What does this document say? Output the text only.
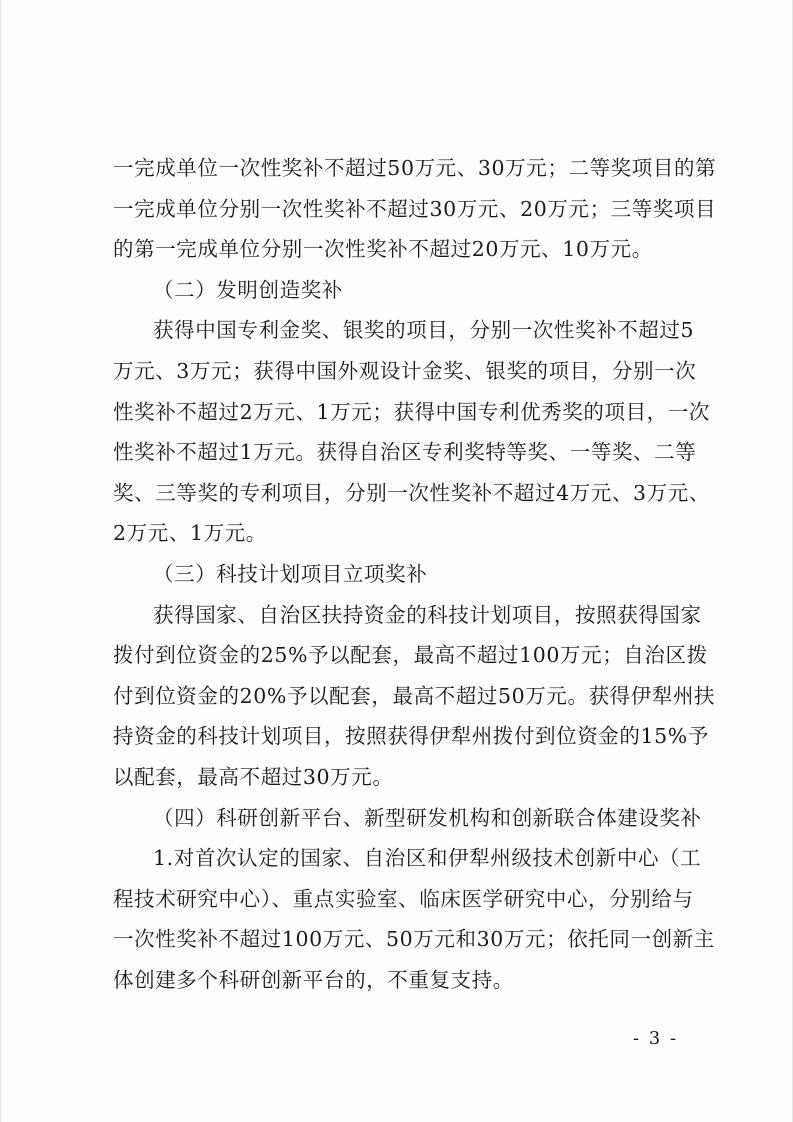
一完成单位一次性奖补不超过50万元、30万元；二等奖项目的第
一完成单位分别一次性奖补不超过30万元、20万元；三等奖项目
的第一完成单位分别一次性奖补不超过20万元、10万元。
（二）发明创造奖补
获得中国专利金奖、银奖的项目，分别一次性奖补不超过5
万元、3万元；获得中国外观设计金奖、银奖的项目，分别一次
性奖补不超过2万元、1万元；获得中国专利优秀奖的项目，一次
性奖补不超过1万元。获得自治区专利奖特等奖、一等奖、二等
奖、三等奖的专利项目，分别一次性奖补不超过4万元、3万元、
2万元、1万元。
（三）科技计划项目立项奖补
获得国家、自治区扶持资金的科技计划项目，按照获得国家
拨付到位资金的25%予以配套，最高不超过100万元；自治区拨
付到位资金的20%予以配套，最高不超过50万元。获得伊犁州扶
持资金的科技计划项目，按照获得伊犁州拨付到位资金的15%予
以配套，最高不超过30万元。
（四）科研创新平台、新型研发机构和创新联合体建设奖补
1.对首次认定的国家、自治区和伊犁州级技术创新中心（工
程技术研究中心）、重点实验室、临床医学研究中心，分别给与
一次性奖补不超过100万元、50万元和30万元；依托同一创新主
体创建多个科研创新平台的，不重复支持。
- 3 -
